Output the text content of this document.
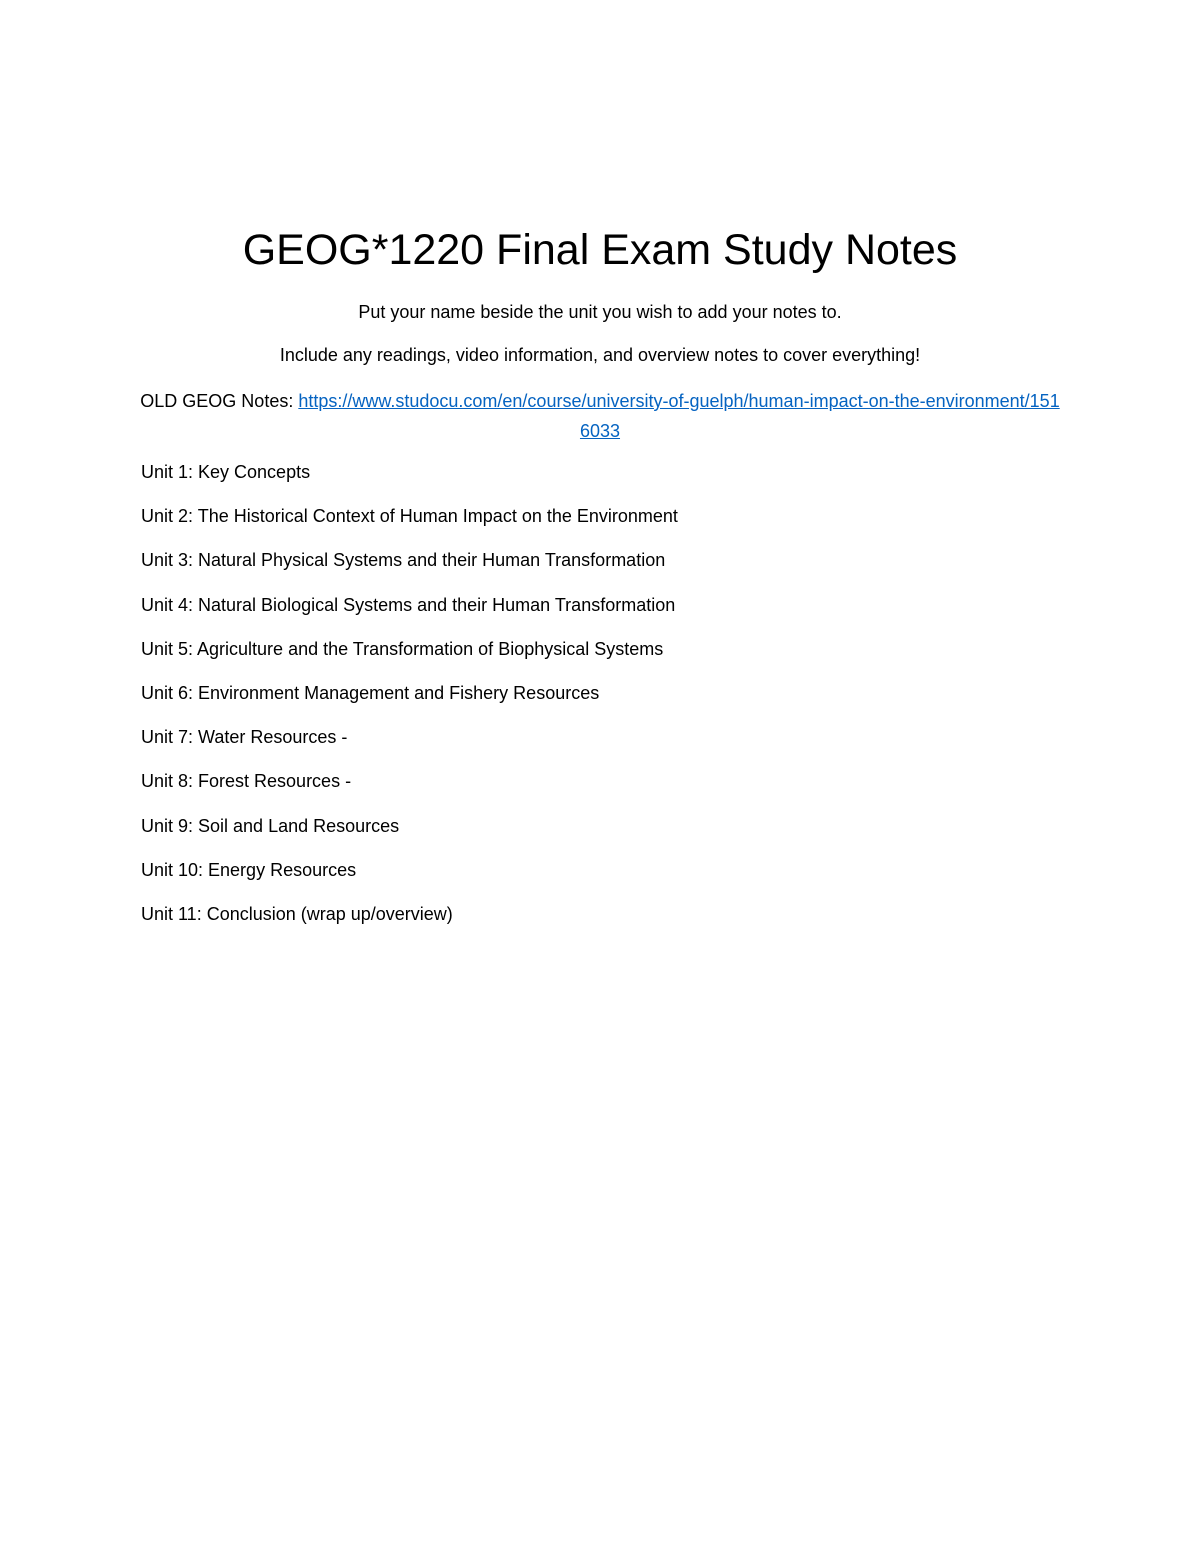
GEOG*1220 Final Exam Study Notes
Put your name beside the unit you wish to add your notes to.
Include any readings, video information, and overview notes to cover everything!
OLD GEOG Notes: https://www.studocu.com/en/course/university-of-guelph/human-impact-on-the-environment/1516033
Unit 1: Key Concepts
Unit 2: The Historical Context of Human Impact on the Environment
Unit 3: Natural Physical Systems and their Human Transformation
Unit 4: Natural Biological Systems and their Human Transformation
Unit 5: Agriculture and the Transformation of Biophysical Systems
Unit 6: Environment Management and Fishery Resources
Unit 7: Water Resources -
Unit 8: Forest Resources -
Unit 9: Soil and Land Resources
Unit 10: Energy Resources
Unit 11: Conclusion (wrap up/overview)
